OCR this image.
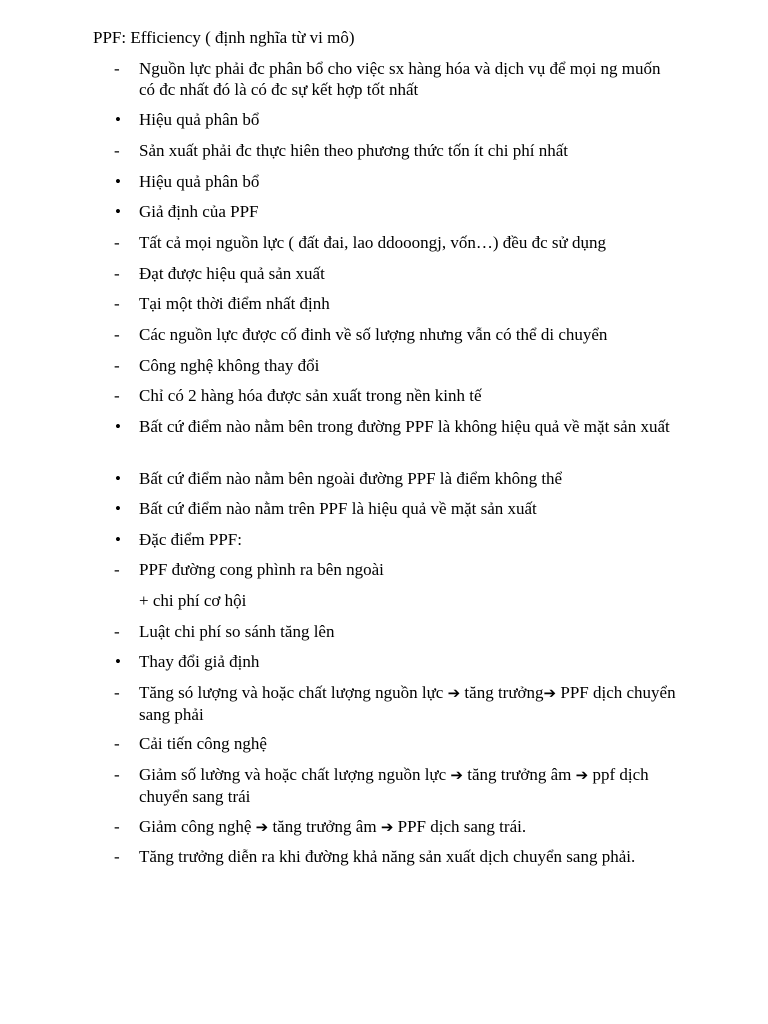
PPF: Efficiency ( định nghĩa từ vi mô)
-	Nguồn lực phải đc phân bổ cho việc sx hàng hóa và dịch vụ để mọi ng muốn có đc nhất đó là có đc sự kết hợp tốt nhất
•	Hiệu quả phân bổ
-	Sản xuất phải đc thực hiên theo phương thức tốn ít chi phí nhất
•	Hiệu quả phân bổ
•	Giả định của PPF
-	Tất cả mọi nguồn lực ( đất đai, lao ddooongj, vốn…) đều đc sử dụng
-	Đạt được hiệu quả sản xuất
-	Tại một thời điểm nhất định
-	Các nguồn lực được cố đinh về số lượng nhưng vẫn có thể di chuyển
-	Công nghệ không thay đổi
-	Chỉ có 2 hàng hóa được sản xuất trong nền kinh tế
•	Bất cứ điểm nào nằm bên trong đường PPF là không hiệu quả về mặt sản xuất
•	Bất cứ điểm nào nằm bên ngoài đường PPF là điểm không thể
•	Bất cứ điểm nào nằm trên PPF là hiệu quả về mặt sản xuất
•	Đặc điểm PPF:
-	PPF đường cong phình ra bên ngoài
+ chi phí cơ hội
-	Luật chi phí so sánh tăng lên
•	Thay đổi giả định
-	Tăng só lượng và hoặc chất lượng nguồn lực ➔ tăng trưởng➔ PPF dịch chuyển sang phải
-	Cải tiến công nghệ
-	Giảm số lường và hoặc chất lượng nguồn lực ➔ tăng trưởng âm ➔ ppf dịch chuyển sang trái
-	Giảm công nghệ ➔ tăng trưởng âm ➔ PPF dịch sang trái.
-	Tăng trưởng diễn ra khi đường khả năng sản xuất dịch chuyển sang phải.
